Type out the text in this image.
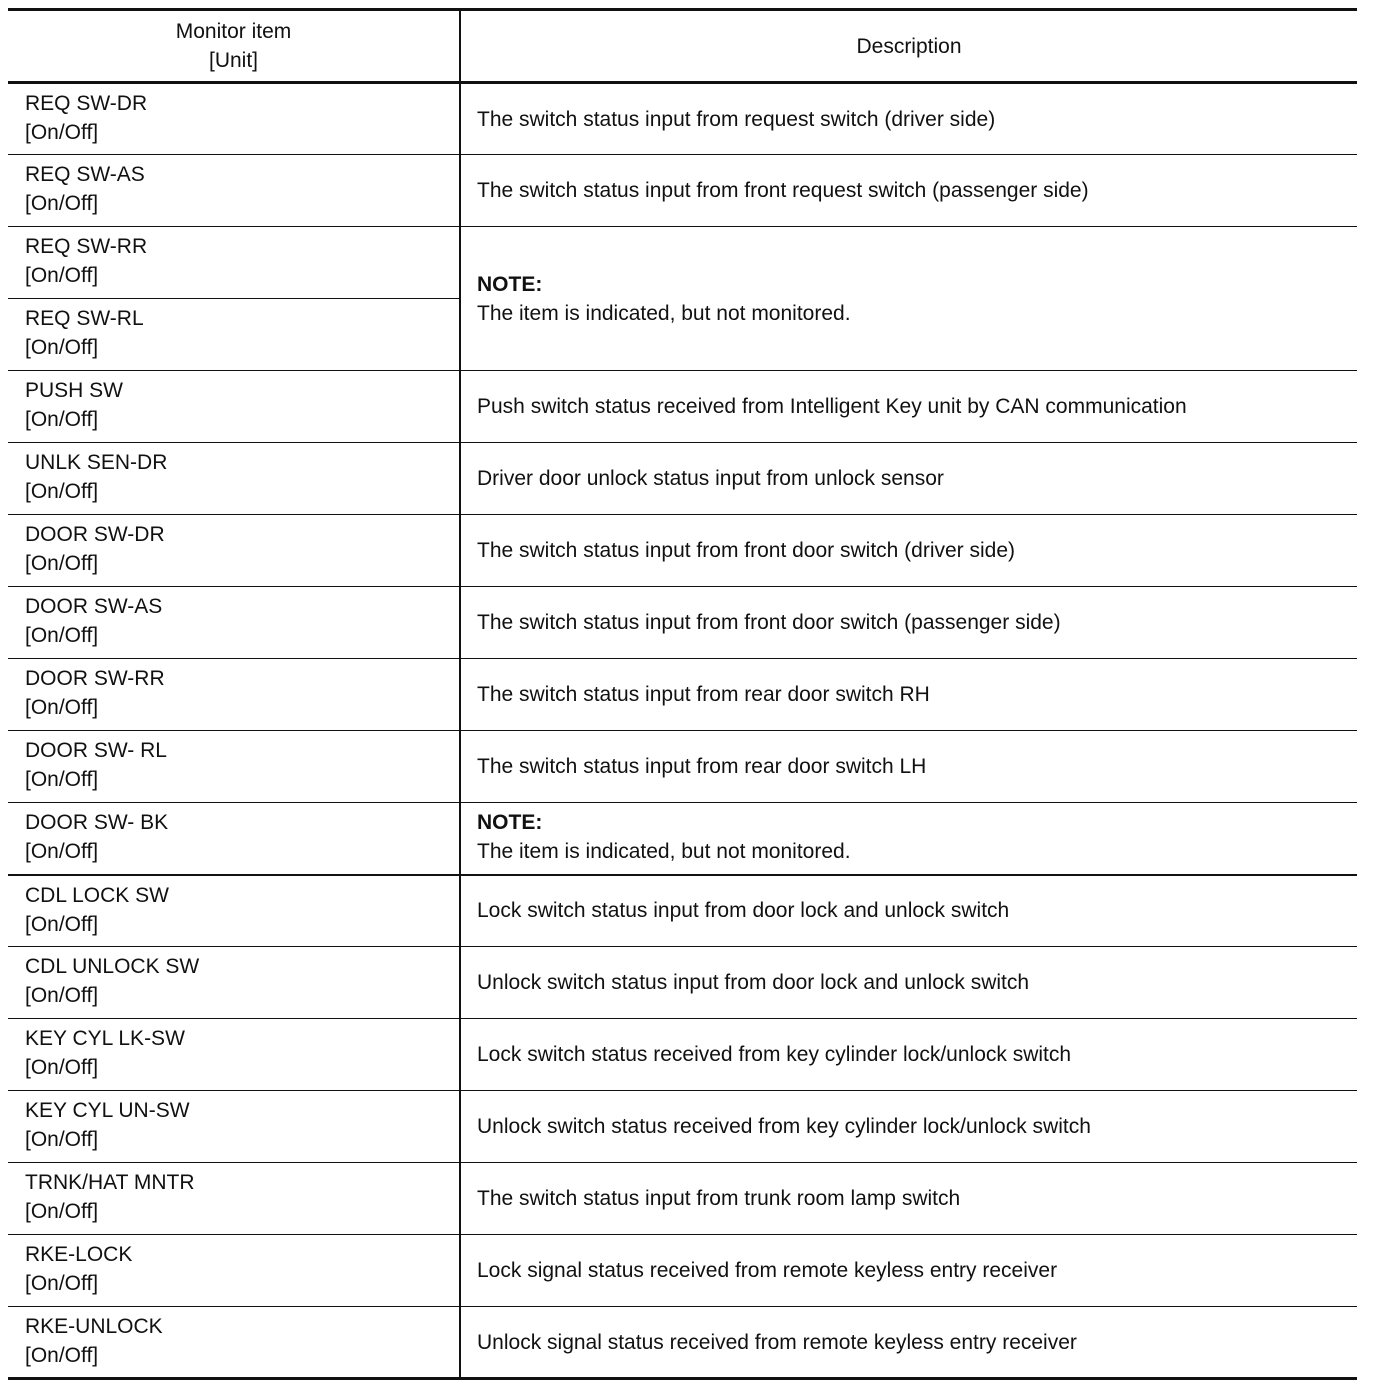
Monitor item
[Unit]	Description

REQ SW-DR
[On/Off]	The switch status input from request switch (driver side)

REQ SW-AS
[On/Off]	The switch status input from front request switch (passenger side)

REQ SW-RR
[On/Off]	NOTE:
The item is indicated, but not monitored.

REQ SW-RL
[On/Off]	

PUSH SW
[On/Off]	Push switch status received from Intelligent Key unit by CAN communication

UNLK SEN-DR
[On/Off]	Driver door unlock status input from unlock sensor

DOOR SW-DR
[On/Off]	The switch status input from front door switch (driver side)

DOOR SW-AS
[On/Off]	The switch status input from front door switch (passenger side)

DOOR SW-RR
[On/Off]	The switch status input from rear door switch RH

DOOR SW- RL
[On/Off]	The switch status input from rear door switch LH

DOOR SW- BK
[On/Off]	NOTE:
The item is indicated, but not monitored.

CDL LOCK SW
[On/Off]	Lock switch status input from door lock and unlock switch

CDL UNLOCK SW
[On/Off]	Unlock switch status input from door lock and unlock switch

KEY CYL LK-SW
[On/Off]	Lock switch status received from key cylinder lock/unlock switch

KEY CYL UN-SW
[On/Off]	Unlock switch status received from key cylinder lock/unlock switch

TRNK/HAT MNTR
[On/Off]	The switch status input from trunk room lamp switch

RKE-LOCK
[On/Off]	Lock signal status received from remote keyless entry receiver

RKE-UNLOCK
[On/Off]	Unlock signal status received from remote keyless entry receiver
